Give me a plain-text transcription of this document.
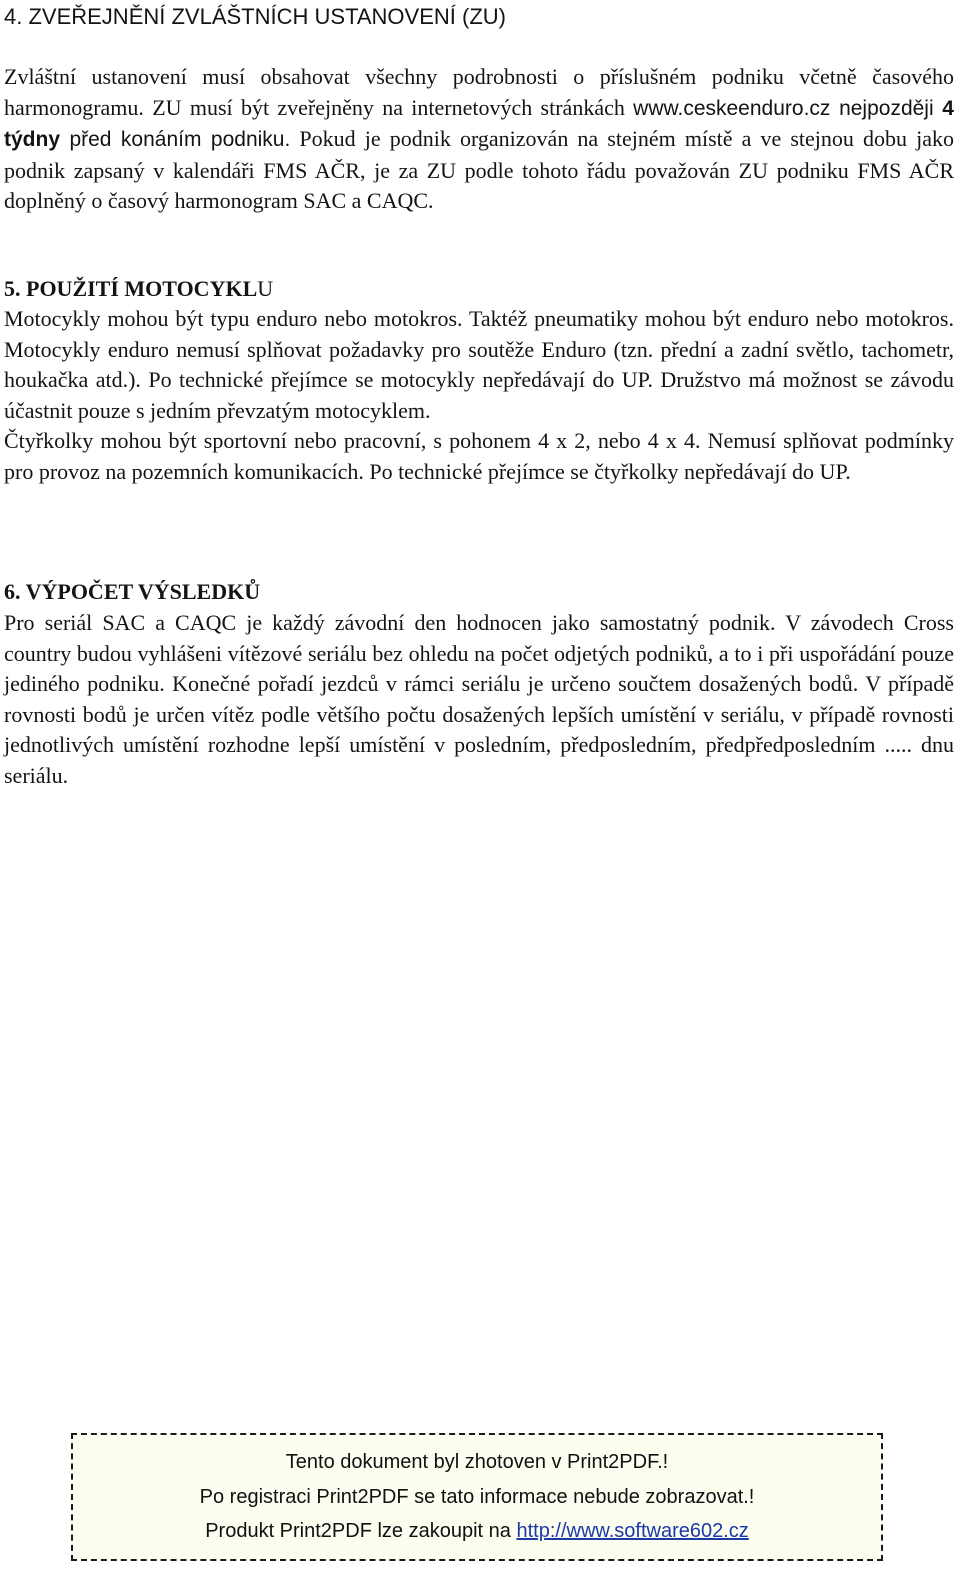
4. ZVEŘEJNĚNÍ ZVLÁŠTNÍCH USTANOVENÍ (ZU)
Zvláštní ustanovení musí obsahovat všechny podrobnosti o příslušném podniku včetně časového harmonogramu. ZU musí být zveřejněny na internetových stránkách www.ceskeenduro.cz nejpozději 4 týdny před konáním podniku. Pokud je podnik organizován na stejném místě a ve stejnou dobu jako podnik zapsaný v kalendáři FMS AČR, je za ZU podle tohoto řádu považován ZU podniku FMS AČR doplněný o časový harmonogram SAC a CAQC.
5. POUŽITÍ MOTOCYKLU
Motocykly mohou být typu enduro nebo motokros. Taktéž pneumatiky mohou být enduro nebo motokros. Motocykly enduro nemusí splňovat požadavky pro soutěže Enduro (tzn. přední a zadní světlo, tachometr, houkačka atd.). Po technické přejímce se motocykly nepředávají do UP. Družstvo má možnost se závodu účastnit pouze s jedním převzatým motocyklem.
Čtyřkolky mohou být sportovní nebo pracovní, s pohonem 4 x 2, nebo 4 x 4. Nemusí splňovat podmínky pro provoz na pozemních komunikacích. Po technické přejímce se čtyřkolky nepředávají do UP.
6. VÝPOČET VÝSLEDKŮ
Pro seriál SAC a CAQC je každý závodní den hodnocen jako samostatný podnik. V závodech Cross country budou vyhlášeni vítězové seriálu bez ohledu na počet odjetých podniků, a to i při uspořádání pouze jediného podniku. Konečné pořadí jezdců v rámci seriálu je určeno součtem dosažených bodů. V případě rovnosti bodů je určen vítěz podle většího počtu dosažených lepších umístění v seriálu, v případě rovnosti jednotlivých umístění rozhodne lepší umístění v posledním, předposledním, předpředposledním ..... dnu seriálu.
Tento dokument byl zhotoven v Print2PDF.!
Po registraci Print2PDF se tato informace nebude zobrazovat.!
Produkt Print2PDF lze zakoupit na http://www.software602.cz
